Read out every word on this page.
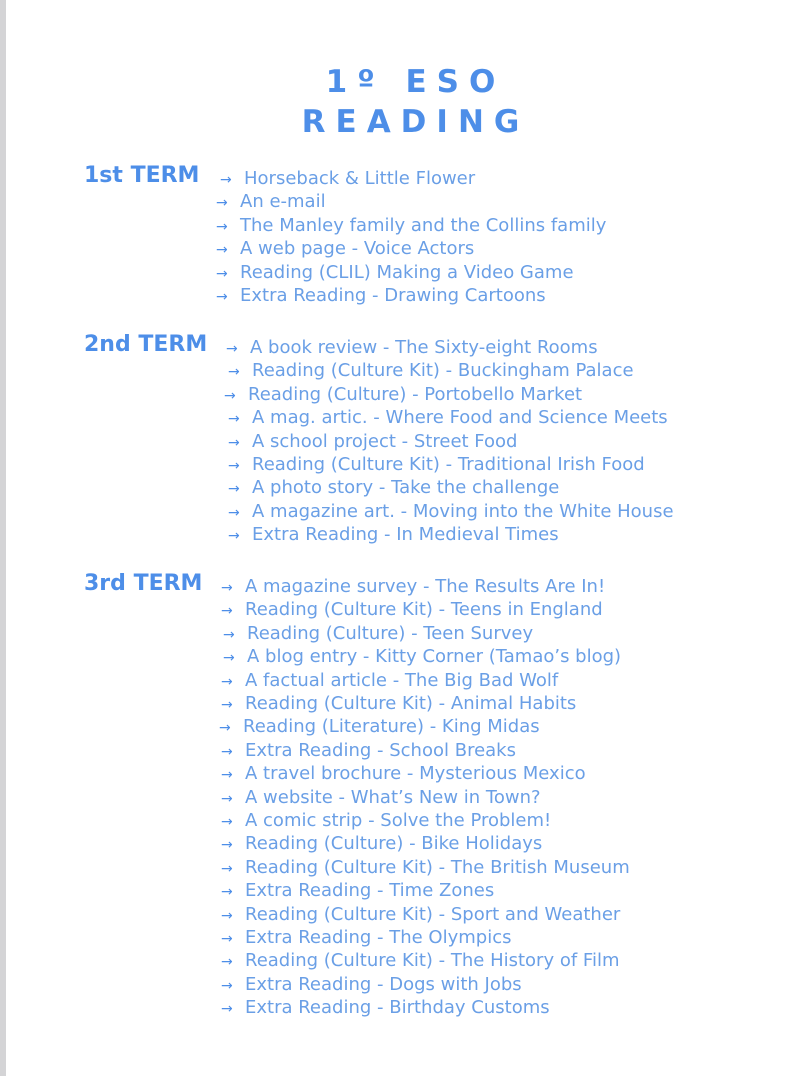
1º ESO
READING
1st TERM → Horseback & Little Flower
→ An e-mail
→ The Manley family and the Collins family
→ A web page - Voice Actors
→ Reading (CLIL) Making a Video Game
→ Extra Reading - Drawing Cartoons
2nd TERM → A book review - The Sixty-eight Rooms
→ Reading (Culture Kit) - Buckingham Palace
→ Reading (Culture) - Portobello Market
→ A mag. artic. - Where Food and Science Meets
→ A school project - Street Food
→ Reading (Culture Kit) - Traditional Irish Food
→ A photo story - Take the challenge
→ A magazine art. - Moving into the White House
→ Extra Reading - In Medieval Times
3rd TERM → A magazine survey - The Results Are In!
→ Reading (Culture Kit) - Teens in England
→ Reading (Culture) - Teen Survey
→ A blog entry - Kitty Corner (Tamao’s blog)
→ A factual article - The Big Bad Wolf
→ Reading (Culture Kit) - Animal Habits
→ Reading (Literature) - King Midas
→ Extra Reading - School Breaks
→ A travel brochure - Mysterious Mexico
→ A website - What’s New in Town?
→ A comic strip - Solve the Problem!
→ Reading (Culture) - Bike Holidays
→ Reading (Culture Kit) - The British Museum
→ Extra Reading - Time Zones
→ Reading (Culture Kit) - Sport and Weather
→ Extra Reading - The Olympics
→ Reading (Culture Kit) - The History of Film
→ Extra Reading - Dogs with Jobs
→ Extra Reading - Birthday Customs
